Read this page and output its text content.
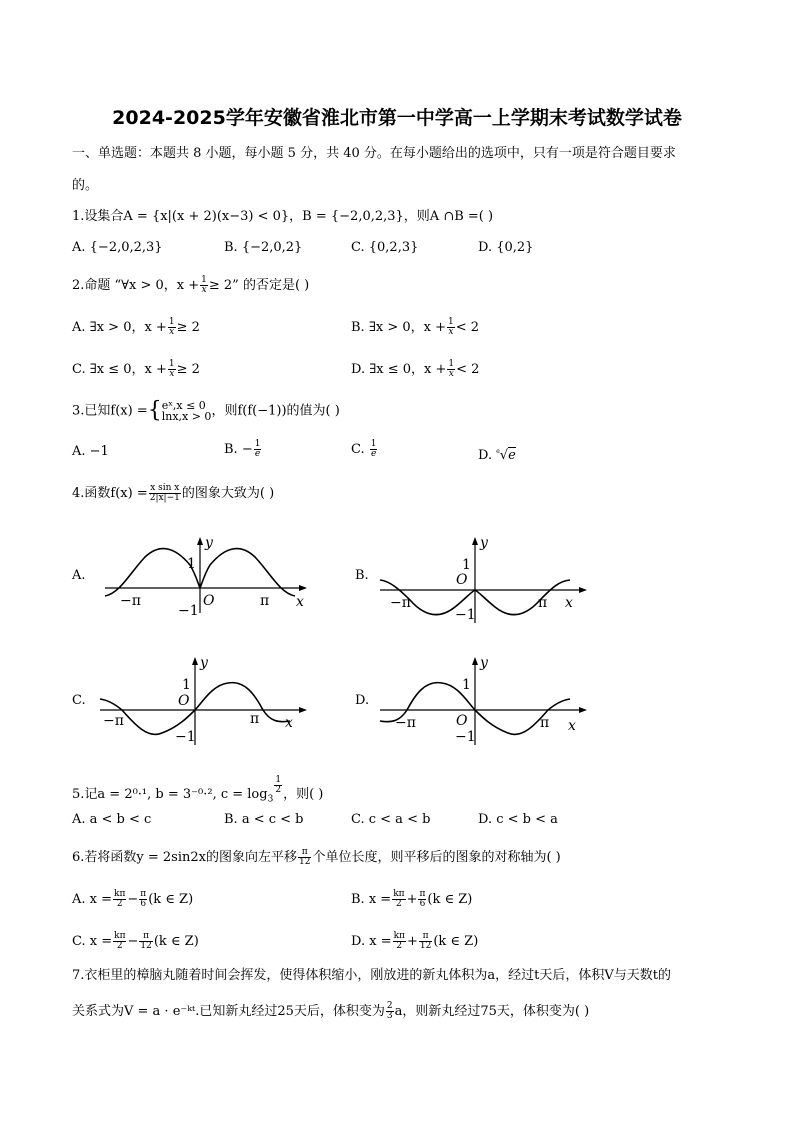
2024-2025学年安徽省淮北市第一中学高一上学期末考试数学试卷
一、单选题：本题共 8 小题，每小题 5 分，共 40 分。在每小题给出的选项中，只有一项是符合题目要求
的。
1.设集合A = {x|(x + 2)(x−3) < 0}，B = {−2,0,2,3}，则A ∩B =( )
A. {−2,0,2,3}	B. {−2,0,2}	C. {0,2,3}	D. {0,2}
2.命题 “∀x > 0，$x + \frac{1}{x} \ge 2$” 的否定是( )
A. ∃x > 0，$x + \frac{1}{x} \ge 2$	B. ∃x > 0，$x + \frac{1}{x} < 2$
C. ∃x ≤ 0，$x + \frac{1}{x} \ge 2$	D. ∃x ≤ 0，$x + \frac{1}{x} < 2$
3.已知f(x) ={ eˣ,x ≤ 0
lnx,x > 0 ，则f(f(−1))的值为( )
A. −1	B. − $\frac{1}{e}$	C. $\frac{1}{e}$	D. $^e$√e
4.函数$f(x) = \frac{\text{x sin x}}{2|x|-1}$ 的图象大致为( )
A.	B.
C.	D.
y
x
O
1
−1
π
−π
y
x
O
1
−1
π
−π
y
x
O
1
−1
π
−π
y
x
O
1
−1
π
−π
5.记a = 2⁰·¹, b = 3⁻⁰·², $c = \log_3$
$\frac{1}{2}$ ，则( )
A. a < b < c	B. a < c < b	C. c < a < b	D. c < b < a
6.若将函数y = 2sin2x的图象向左平移 $\frac{\pi}{12}$ 个单位长度，则平移后的图象的对称轴为( )
A. $x = \frac{k\pi}{2} - \frac{\pi}{6} (k$ ∈ Z)	B. $x = \frac{k\pi}{2} + \frac{\pi}{6} (k$ ∈ Z)
C. $x = \frac{k\pi}{2} - \frac{\pi}{12} (k$ ∈ Z)	D. $x = \frac{k\pi}{2} + \frac{\pi}{12} (k$ ∈ Z)
7.衣柜里的樟脑丸随着时间会挥发，使得体积缩小，刚放进的新丸体积为a，经过t天后，体积V与天数t的
关系式为V = a · e⁻ᵏᵗ.已知新丸经过25天后，体积变为 $\frac{2}{3}$ a，则新丸经过75天，体积变为( )
